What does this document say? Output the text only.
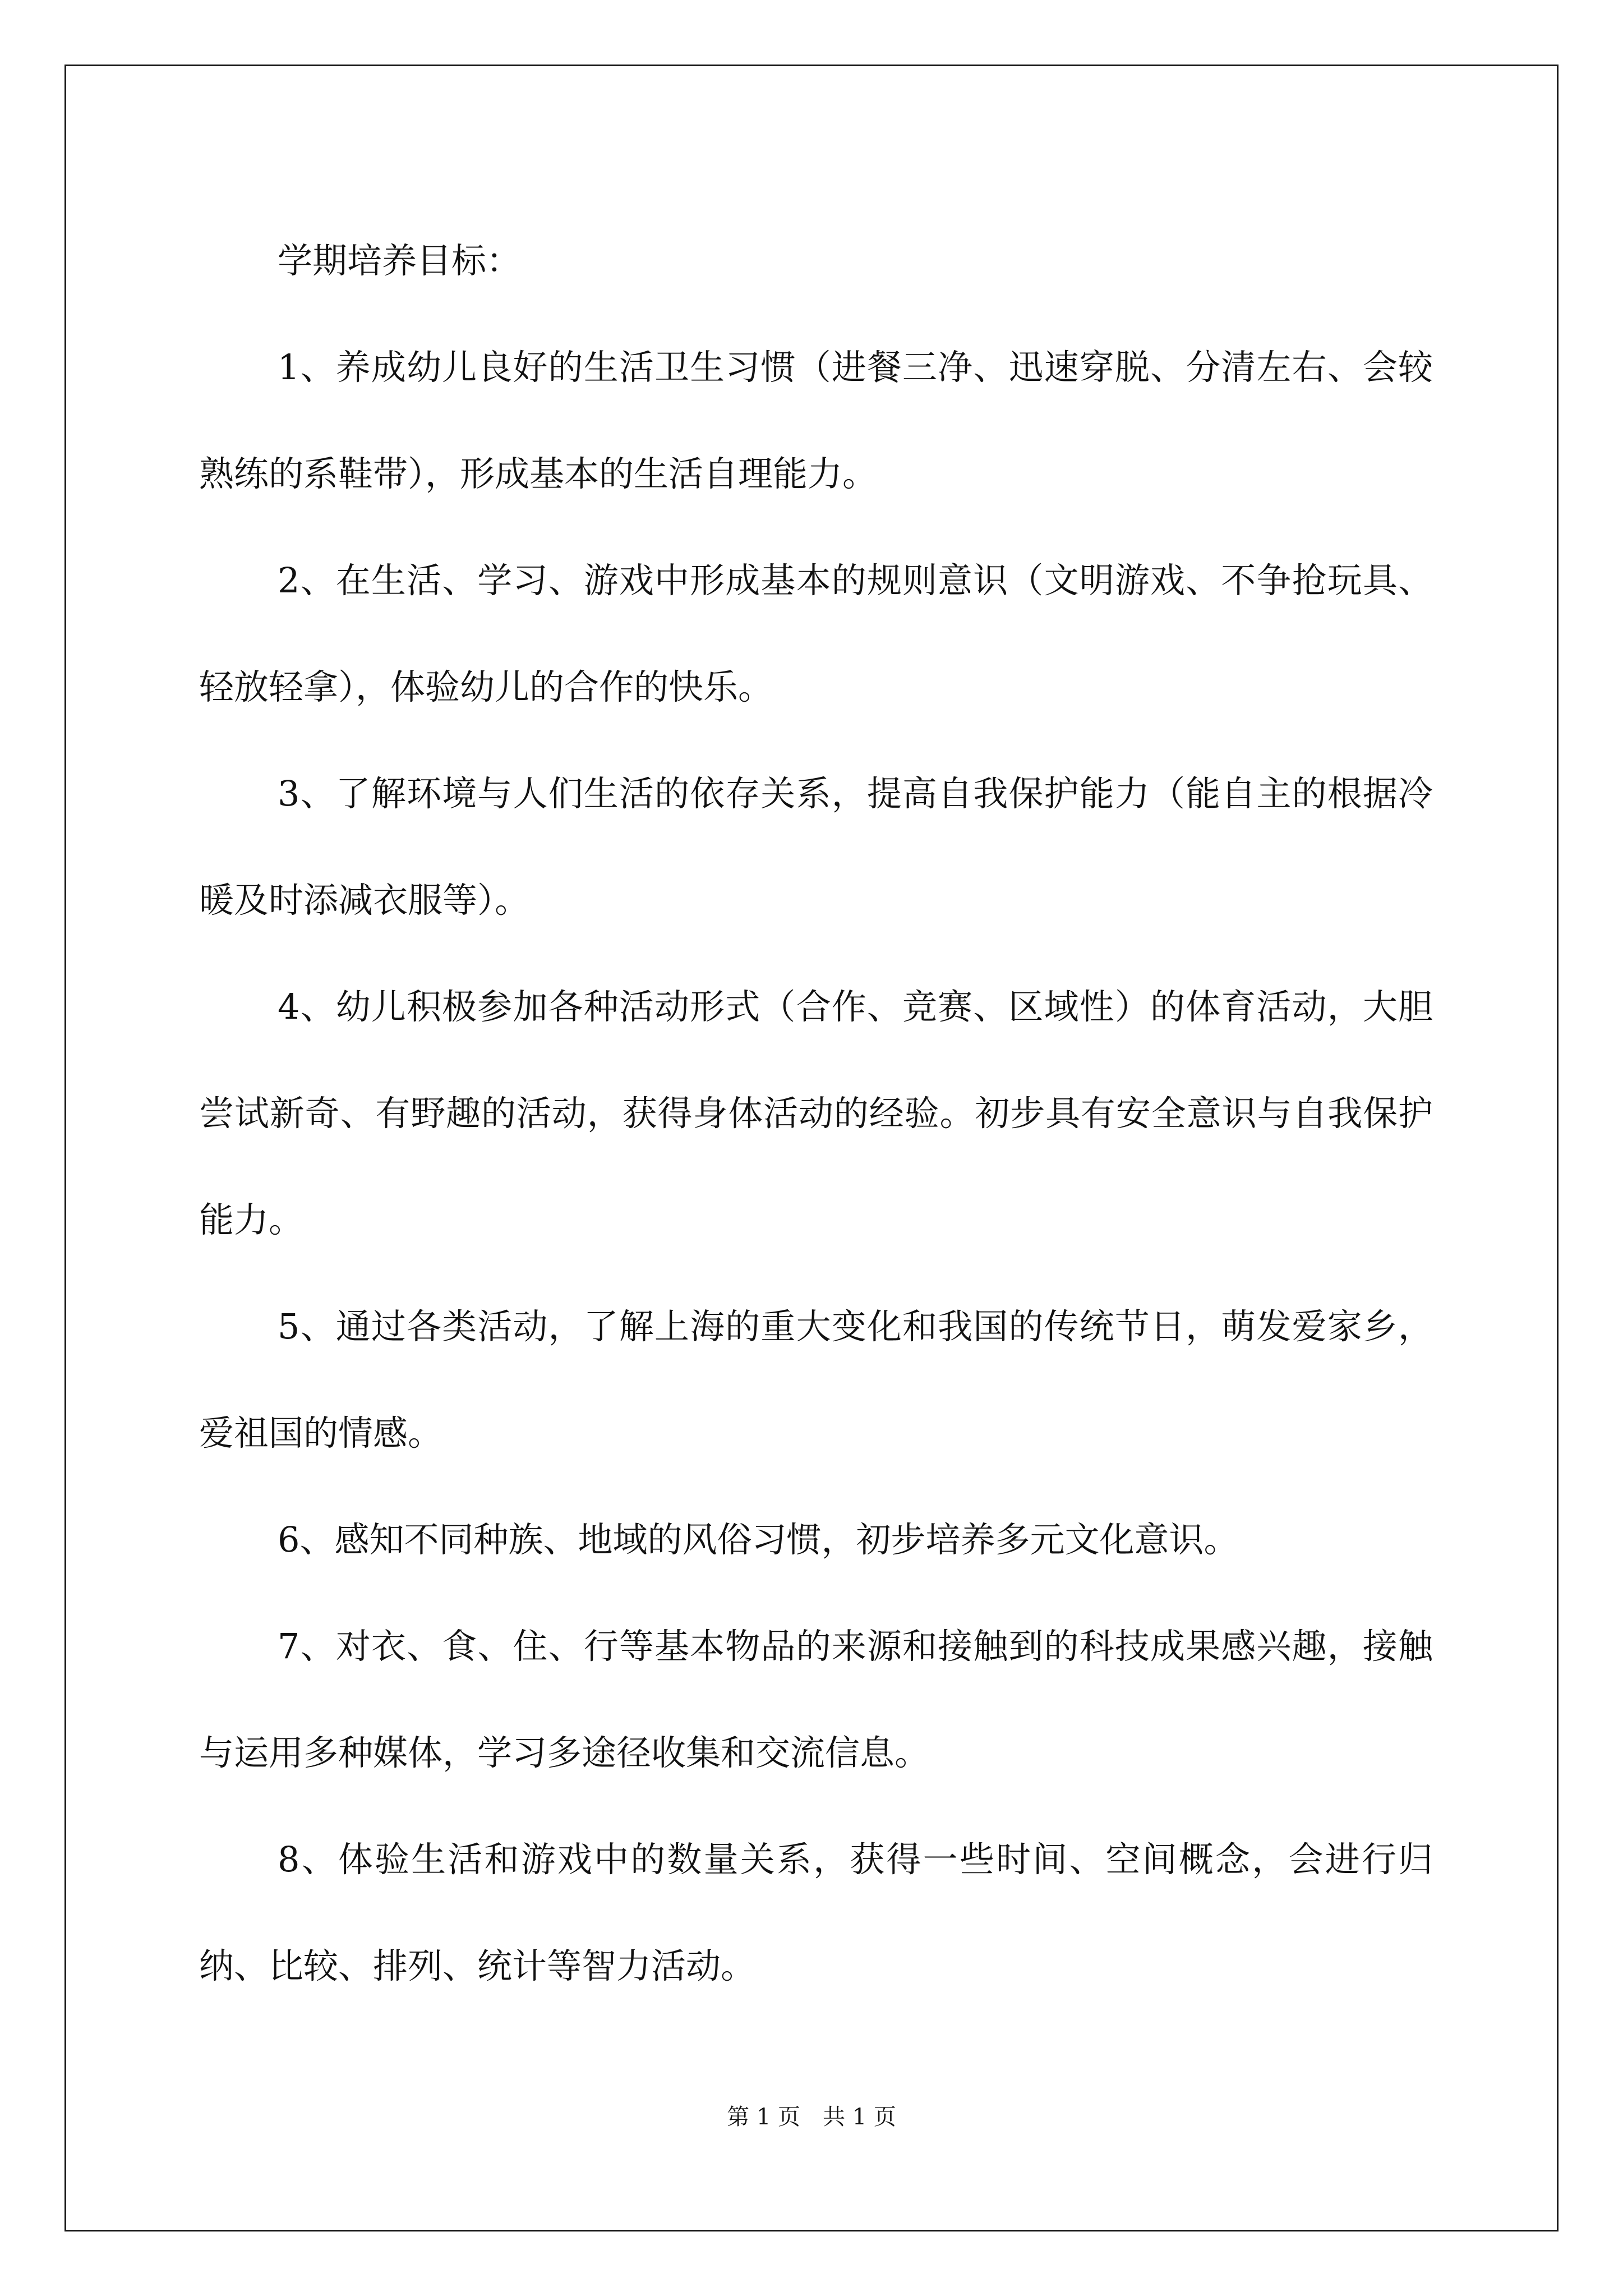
学期培养目标：

1、养成幼儿良好的生活卫生习惯（进餐三净、迅速穿脱、分清左右、会较熟练的系鞋带），形成基本的生活自理能力。

2、在生活、学习、游戏中形成基本的规则意识（文明游戏、不争抢玩具、轻放轻拿），体验幼儿的合作的快乐。

3、了解环境与人们生活的依存关系，提高自我保护能力（能自主的根据冷暖及时添减衣服等）。

4、幼儿积极参加各种活动形式（合作、竞赛、区域性）的体育活动，大胆尝试新奇、有野趣的活动，获得身体活动的经验。初步具有安全意识与自我保护能力。

5、通过各类活动，了解上海的重大变化和我国的传统节日，萌发爱家乡，爱祖国的情感。

6、感知不同种族、地域的风俗习惯，初步培养多元文化意识。

7、对衣、食、住、行等基本物品的来源和接触到的科技成果感兴趣，接触与运用多种媒体，学习多途径收集和交流信息。

8、体验生活和游戏中的数量关系，获得一些时间、空间概念，会进行归纳、比较、排列、统计等智力活动。

第 1 页　共 1 页
